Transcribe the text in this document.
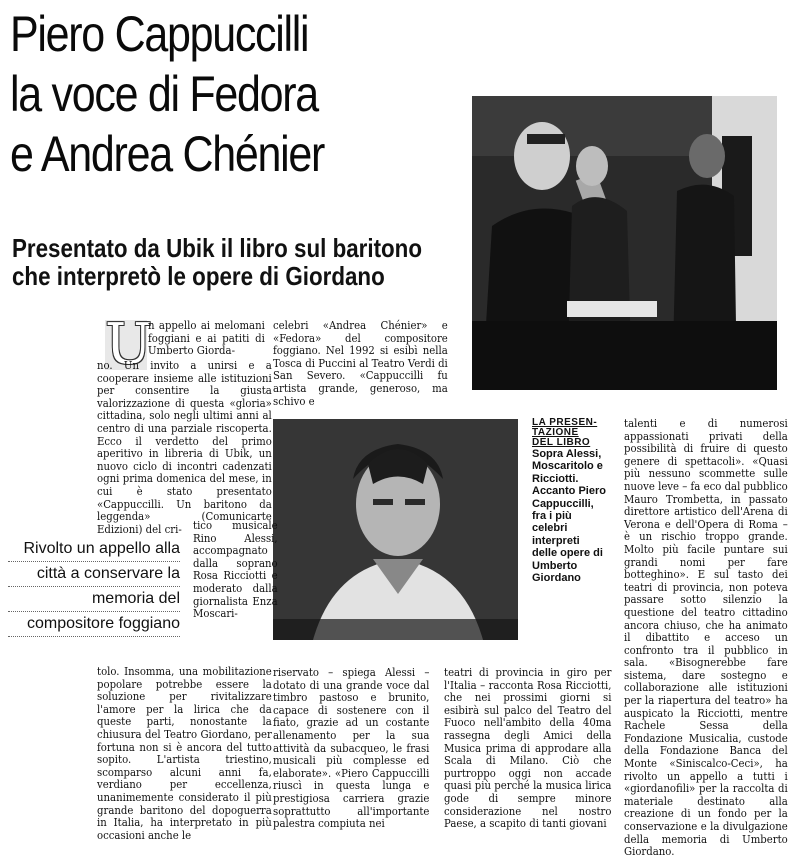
Piero Cappuccilli
la voce di Fedora
e Andrea Chénier
Presentato da Ubik il libro sul baritono
che interpretò le opere di Giordano
U

n appello ai melomani foggiani e ai patiti di Umberto Giorda-

no. Un invito a unirsi e a cooperare insieme alle istituzioni per consentire la giusta valorizzazione di questa «gloria» cittadina, solo negli ultimi anni al centro di una parziale riscoperta. Ecco il verdetto del primo aperitivo in libreria di Ubik, un nuovo ciclo di incontri cadenzati ogni prima domenica del mese, in cui è stato presentato «Cappuccilli. Un baritono da leggenda» (Comunicarte Edizioni) del cri-	tico musicale Rino Alessi, accompagnato dalla soprano Rosa Ricciotti e moderato dalla giornalista Enza Moscari-

tolo. Insomma, una mobilitazione popolare potrebbe essere la soluzione per rivitalizzare l'amore per la lirica che da queste parti, nonostante la chiusura del Teatro Giordano, per fortuna non si è ancora del tutto sopito. L'artista triestino, scomparso alcuni anni fa, verdiano per eccellenza, unanimemente considerato il più grande baritono del dopoguerra in Italia, ha interpretato in più occasioni anche le

celebri «Andrea Chénier» e «Fedora» del compositore foggiano. Nel 1992 si esibì nella Tosca di Puccini al Teatro Verdi di San Severo. «Cappuccilli fu artista grande, generoso, ma schivo e

riservato – spiega Alessi – dotato di una grande voce dal timbro pastoso e brunito, capace di sostenere con il fiato, grazie ad un costante allenamento per la sua attività da subacqueo, le frasi musicali più complesse ed elaborate». «Piero Cappuccilli riuscì in questa lunga e prestigiosa carriera grazie soprattutto all'importante palestra compiuta nei

teatri di provincia in giro per l'Italia – racconta Rosa Ricciotti, che nei prossimi giorni si esibirà sul palco del Teatro del Fuoco nell'ambito della 40ma rassegna degli Amici della Musica prima di approdare alla Scala di Milano. Ciò che purtroppo oggi non accade quasi più perché la musica lirica gode di sempre minore considerazione nel nostro Paese, a scapito di tanti giovani

talenti e di numerosi appassionati privati della possibilità di fruire di questo genere di spettacoli». «Quasi più nessuno scommette sulle nuove leve – fa eco dal pubblico Mauro Trombetta, in passato direttore artistico dell'Arena di Verona e dell'Opera di Roma – è un rischio troppo grande. Molto più facile puntare sui grandi nomi per fare botteghino». E sul tasto dei teatri di provincia, non poteva passare sotto silenzio la questione del teatro cittadino ancora chiuso, che ha animato il dibattito e acceso un confronto tra il pubblico in sala. «Bisognerebbe fare sistema, dare sostegno e collaborazione alle istituzioni per la riapertura del teatro» ha auspicato la Ricciotti, mentre Rachele Sessa della Fondazione Musicalia, custode della Fondazione Banca del Monte «Siniscalco-Ceci», ha rivolto un appello a tutti i «giordanofili» per la raccolta di materiale destinato alla creazione di un fondo per la conservazione e la divulgazione della memoria di Umberto Giordano.

Rivolto un appello alla
città a conservare la
memoria del
compositore foggiano
LA PRESEN-
TAZIONE
DEL LIBRO
Sopra Alessi,
Moscaritolo e
Ricciotti.
Accanto Piero
Cappuccilli,
fra i più
celebri
interpreti
delle opere di
Umberto
Giordano
